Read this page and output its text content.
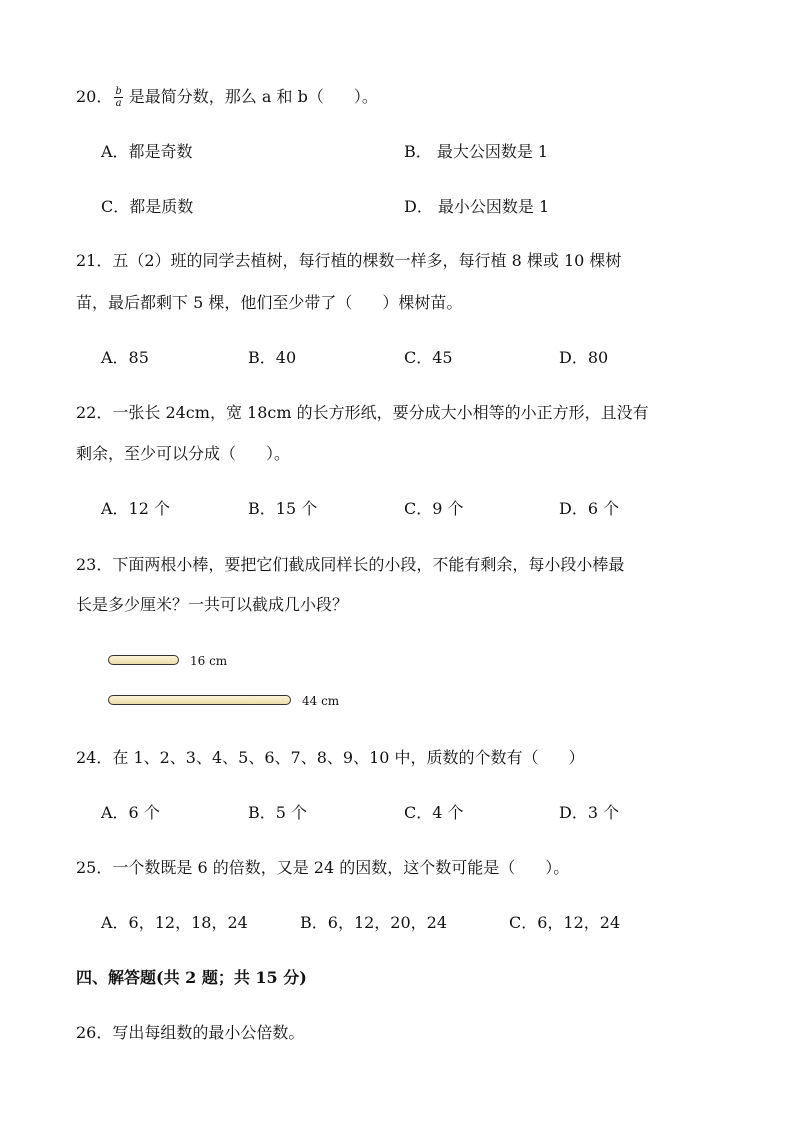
20． $\frac{b}{a}$ 是最简分数，那么 a 和 b（ ）。
A．都是奇数	B． 最大公因数是 1
C．都是质数	D． 最小公因数是 1
21．五（2）班的同学去植树，每行植的棵数一样多，每行植 8 棵或 10 棵树
苗，最后都剩下 5 棵，他们至少带了（ ）棵树苗。
A．85	B．40	C．45	D．80
22．一张长 24cm，宽 18cm 的长方形纸，要分成大小相等的小正方形，且没有
剩余，至少可以分成（ ）。
A．12 个	B．15 个	C．9 个	D．6 个
23．下面两根小棒，要把它们截成同样长的小段，不能有剩余，每小段小棒最
长是多少厘米？一共可以截成几小段？
16 cm
44 cm
24．在 1、2、3、4、5、6、7、8、9、10 中，质数的个数有（ ）
A．6 个	B．5 个	C．4 个	D．3 个
25．一个数既是 6 的倍数，又是 24 的因数，这个数可能是（ ）。
A．6，12，18，24	B．6，12，20，24	C．6，12，24
四、解答题(共 2 题；共 15 分)
26．写出每组数的最小公倍数。
